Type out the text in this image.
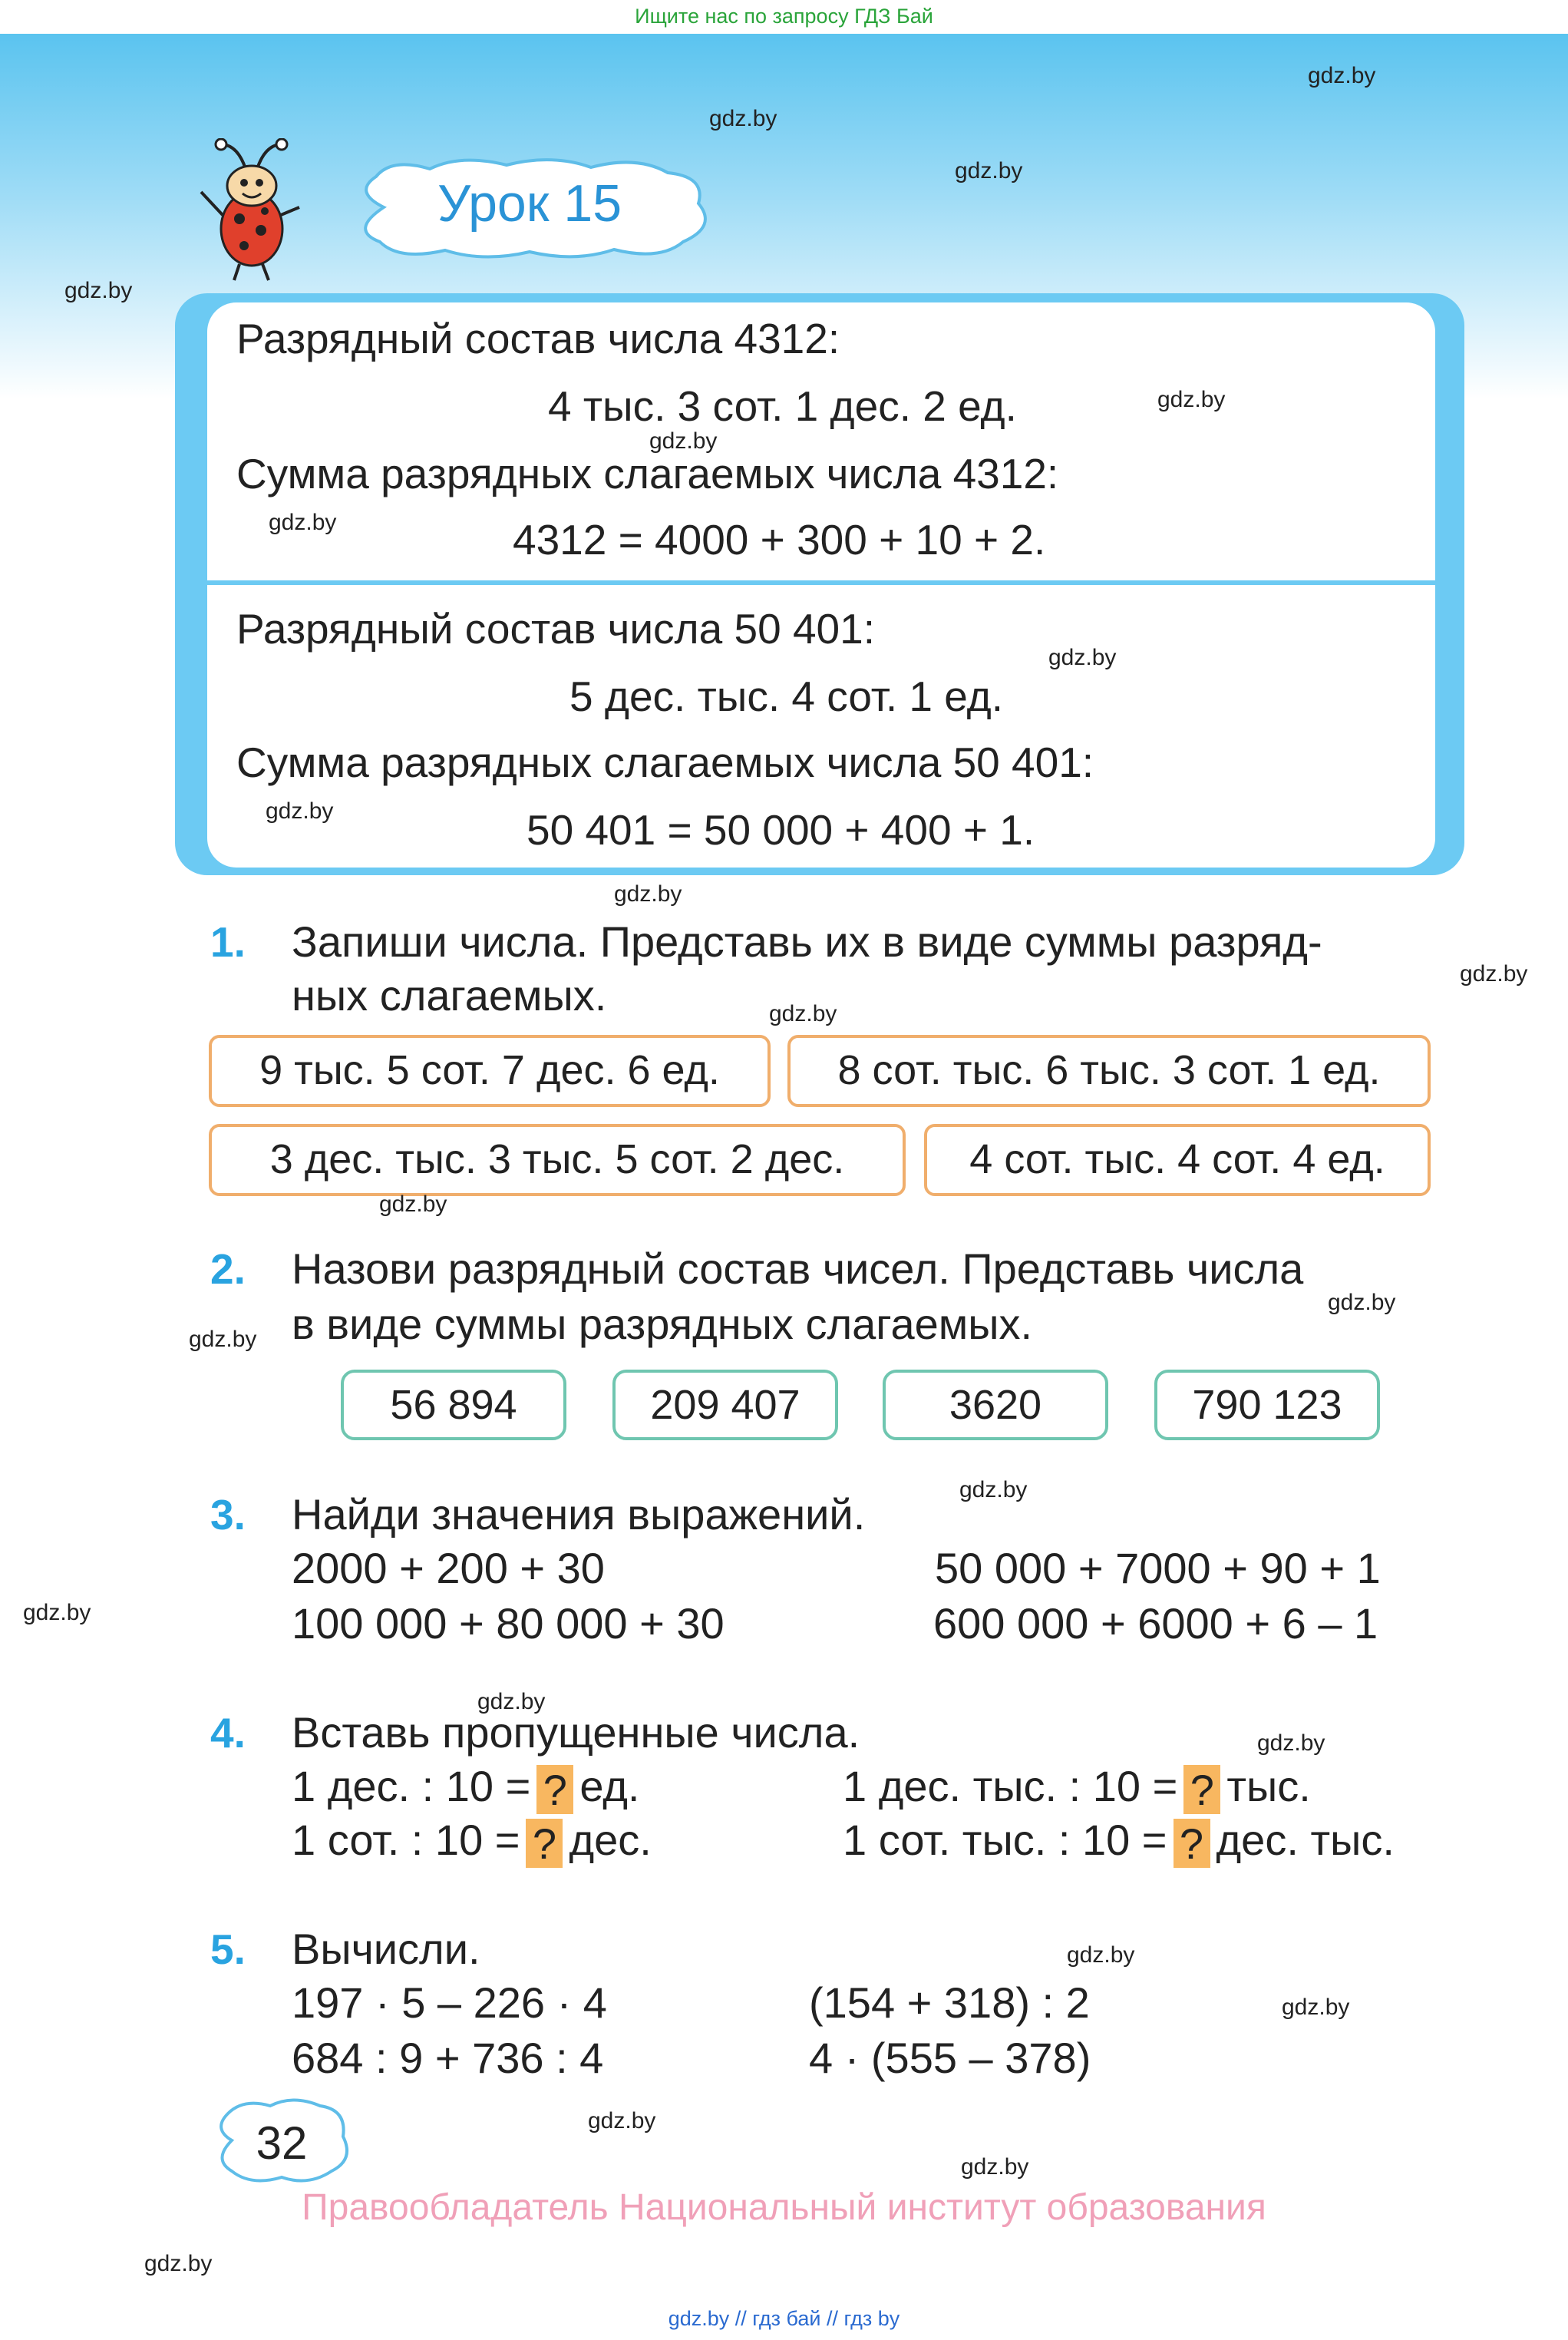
Ищите нас по запросу ГДЗ Бай
Урок 15
Разрядный состав числа 4312:
4 тыс. 3 сот. 1 дес. 2 ед.
Сумма разрядных слагаемых числа 4312:
4312 = 4000 + 300 + 10 + 2.
Разрядный состав числа 50 401:
5 дес. тыс. 4 сот. 1 ед.
Сумма разрядных слагаемых числа 50 401:
50 401 = 50 000 + 400 + 1.
1. Запиши числа. Представь их в виде суммы разряд-
ных слагаемых.
9 тыс. 5 сот. 7 дес. 6 ед.	8 сот. тыс. 6 тыс. 3 сот. 1 ед.
3 дес. тыс. 3 тыс. 5 сот. 2 дес.	4 сот. тыс. 4 сот. 4 ед.
2. Назови разрядный состав чисел. Представь числа
в виде суммы разрядных слагаемых.
56 894	209 407	3620	790 123
3. Найди значения выражений.
2000 + 200 + 30
100 000 + 80 000 + 30
50 000 + 7000 + 90 + 1
600 000 + 6000 + 6 – 1
4. Вставь пропущенные числа.
1 дес. : 10 = ? ед.
1 сот. : 10 = ? дес.
1 дес. тыс. : 10 = ? тыс.
1 сот. тыс. : 10 = ? дес. тыс.
5. Вычисли.
197 · 5 – 226 · 4
684 : 9 + 736 : 4
(154 + 318) : 2
4 · (555 – 378)
32
Правообладатель Национальный институт образования
gdz.by // гдз бай // гдз by
gdz.by
gdz.by
gdz.by
gdz.by
gdz.by
gdz.by
gdz.by
gdz.by
gdz.by
gdz.by
gdz.by
gdz.by
gdz.by
gdz.by
gdz.by
gdz.by
gdz.by
gdz.by
gdz.by
gdz.by
gdz.by
gdz.by
gdz.by
gdz.by
